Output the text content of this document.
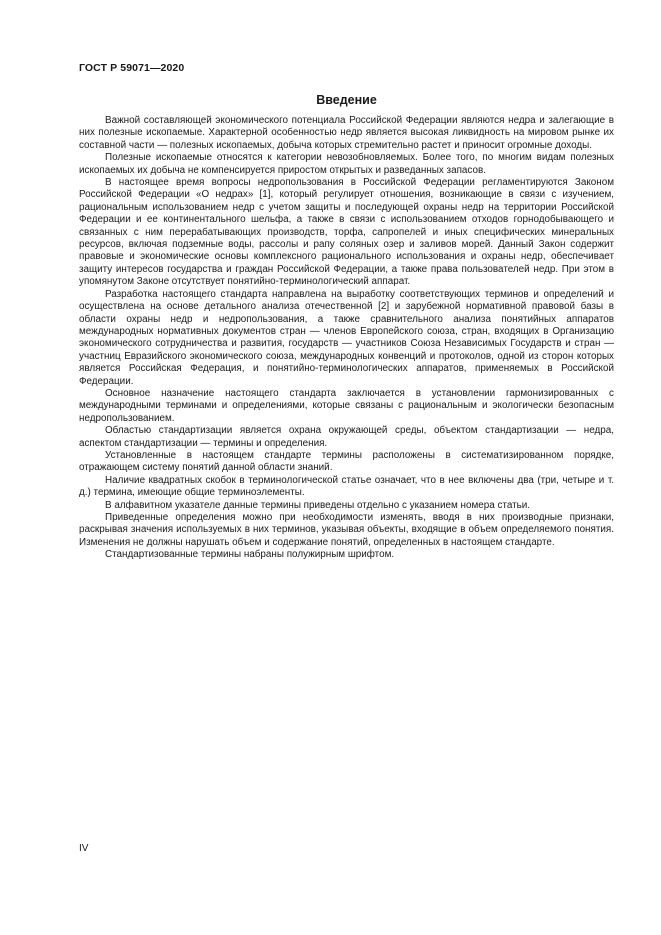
ГОСТ Р 59071—2020
Введение

Важной составляющей экономического потенциала Российской Федерации являются недра и залегающие в них полезные ископаемые. Характерной особенностью недр является высокая ликвидность на мировом рынке их составной части — полезных ископаемых, добыча которых стремительно растет и приносит огромные доходы.

Полезные ископаемые относятся к категории невозобновляемых. Более того, по многим видам полезных ископаемых их добыча не компенсируется приростом открытых и разведанных запасов.

В настоящее время вопросы недропользования в Российской Федерации регламентируются Законом Российской Федерации «О недрах» [1], который регулирует отношения, возникающие в связи с изучением, рациональным использованием недр с учетом защиты и последующей охраны недр на территории Российской Федерации и ее континентального шельфа, а также в связи с использованием отходов горнодобывающего и связанных с ним перерабатывающих производств, торфа, сапропелей и иных специфических минеральных ресурсов, включая подземные воды, рассолы и рапу соляных озер и заливов морей. Данный Закон содержит правовые и экономические основы комплексного рационального использования и охраны недр, обеспечивает защиту интересов государства и граждан Российской Федерации, а также права пользователей недр. При этом в упомянутом Законе отсутствует понятийно-терминологический аппарат.

Разработка настоящего стандарта направлена на выработку соответствующих терминов и определений и осуществлена на основе детального анализа отечественной [2] и зарубежной нормативной правовой базы в области охраны недр и недропользования, а также сравнительного анализа понятийных аппаратов международных нормативных документов стран — членов Европейского союза, стран, входящих в Организацию экономического сотрудничества и развития, государств — участников Союза Независимых Государств и стран — участниц Евразийского экономического союза, международных конвенций и протоколов, одной из сторон которых является Российская Федерация, и понятийно-терминологических аппаратов, применяемых в Российской Федерации.

Основное назначение настоящего стандарта заключается в установлении гармонизированных с международными терминами и определениями, которые связаны с рациональным и экологически безопасным недропользованием.

Областью стандартизации является охрана окружающей среды, объектом стандартизации — недра, аспектом стандартизации — термины и определения.

Установленные в настоящем стандарте термины расположены в систематизированном порядке, отражающем систему понятий данной области знаний.

Наличие квадратных скобок в терминологической статье означает, что в нее включены два (три, четыре и т. д.) термина, имеющие общие терминоэлементы.

В алфавитном указателе данные термины приведены отдельно с указанием номера статьи.

Приведенные определения можно при необходимости изменять, вводя в них производные признаки, раскрывая значения используемых в них терминов, указывая объекты, входящие в объем определяемого понятия. Изменения не должны нарушать объем и содержание понятий, определенных в настоящем стандарте.

Стандартизованные термины набраны полужирным шрифтом.

IV
